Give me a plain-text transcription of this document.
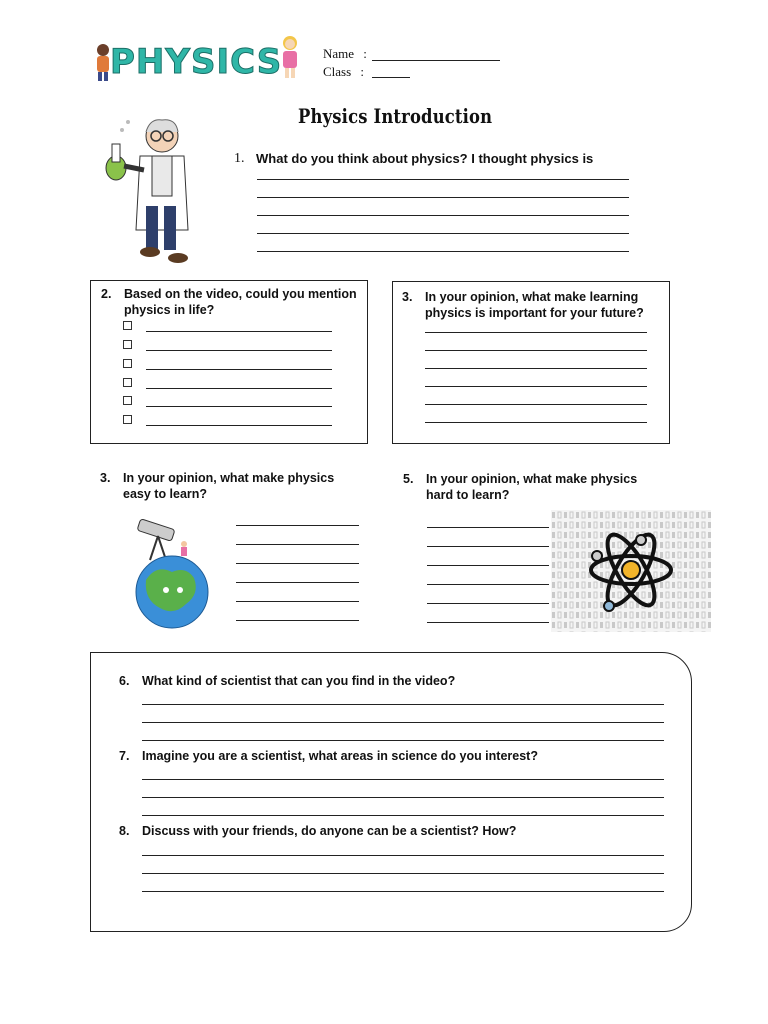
PHYSICS	Name :
Class :
Physics Introduction
1. What do you think about physics? I thought physics is
2. Based on the video, could you mention
physics in life?
3. In your opinion, what make learning
physics is important for your future?
3. In your opinion, what make physics
easy to learn?
5. In your opinion, what make physics
hard to learn?
6. What kind of scientist that can you find in the video?
7. Imagine you are a scientist, what areas in science do you interest?
8. Discuss with your friends, do anyone can be a scientist? How?
